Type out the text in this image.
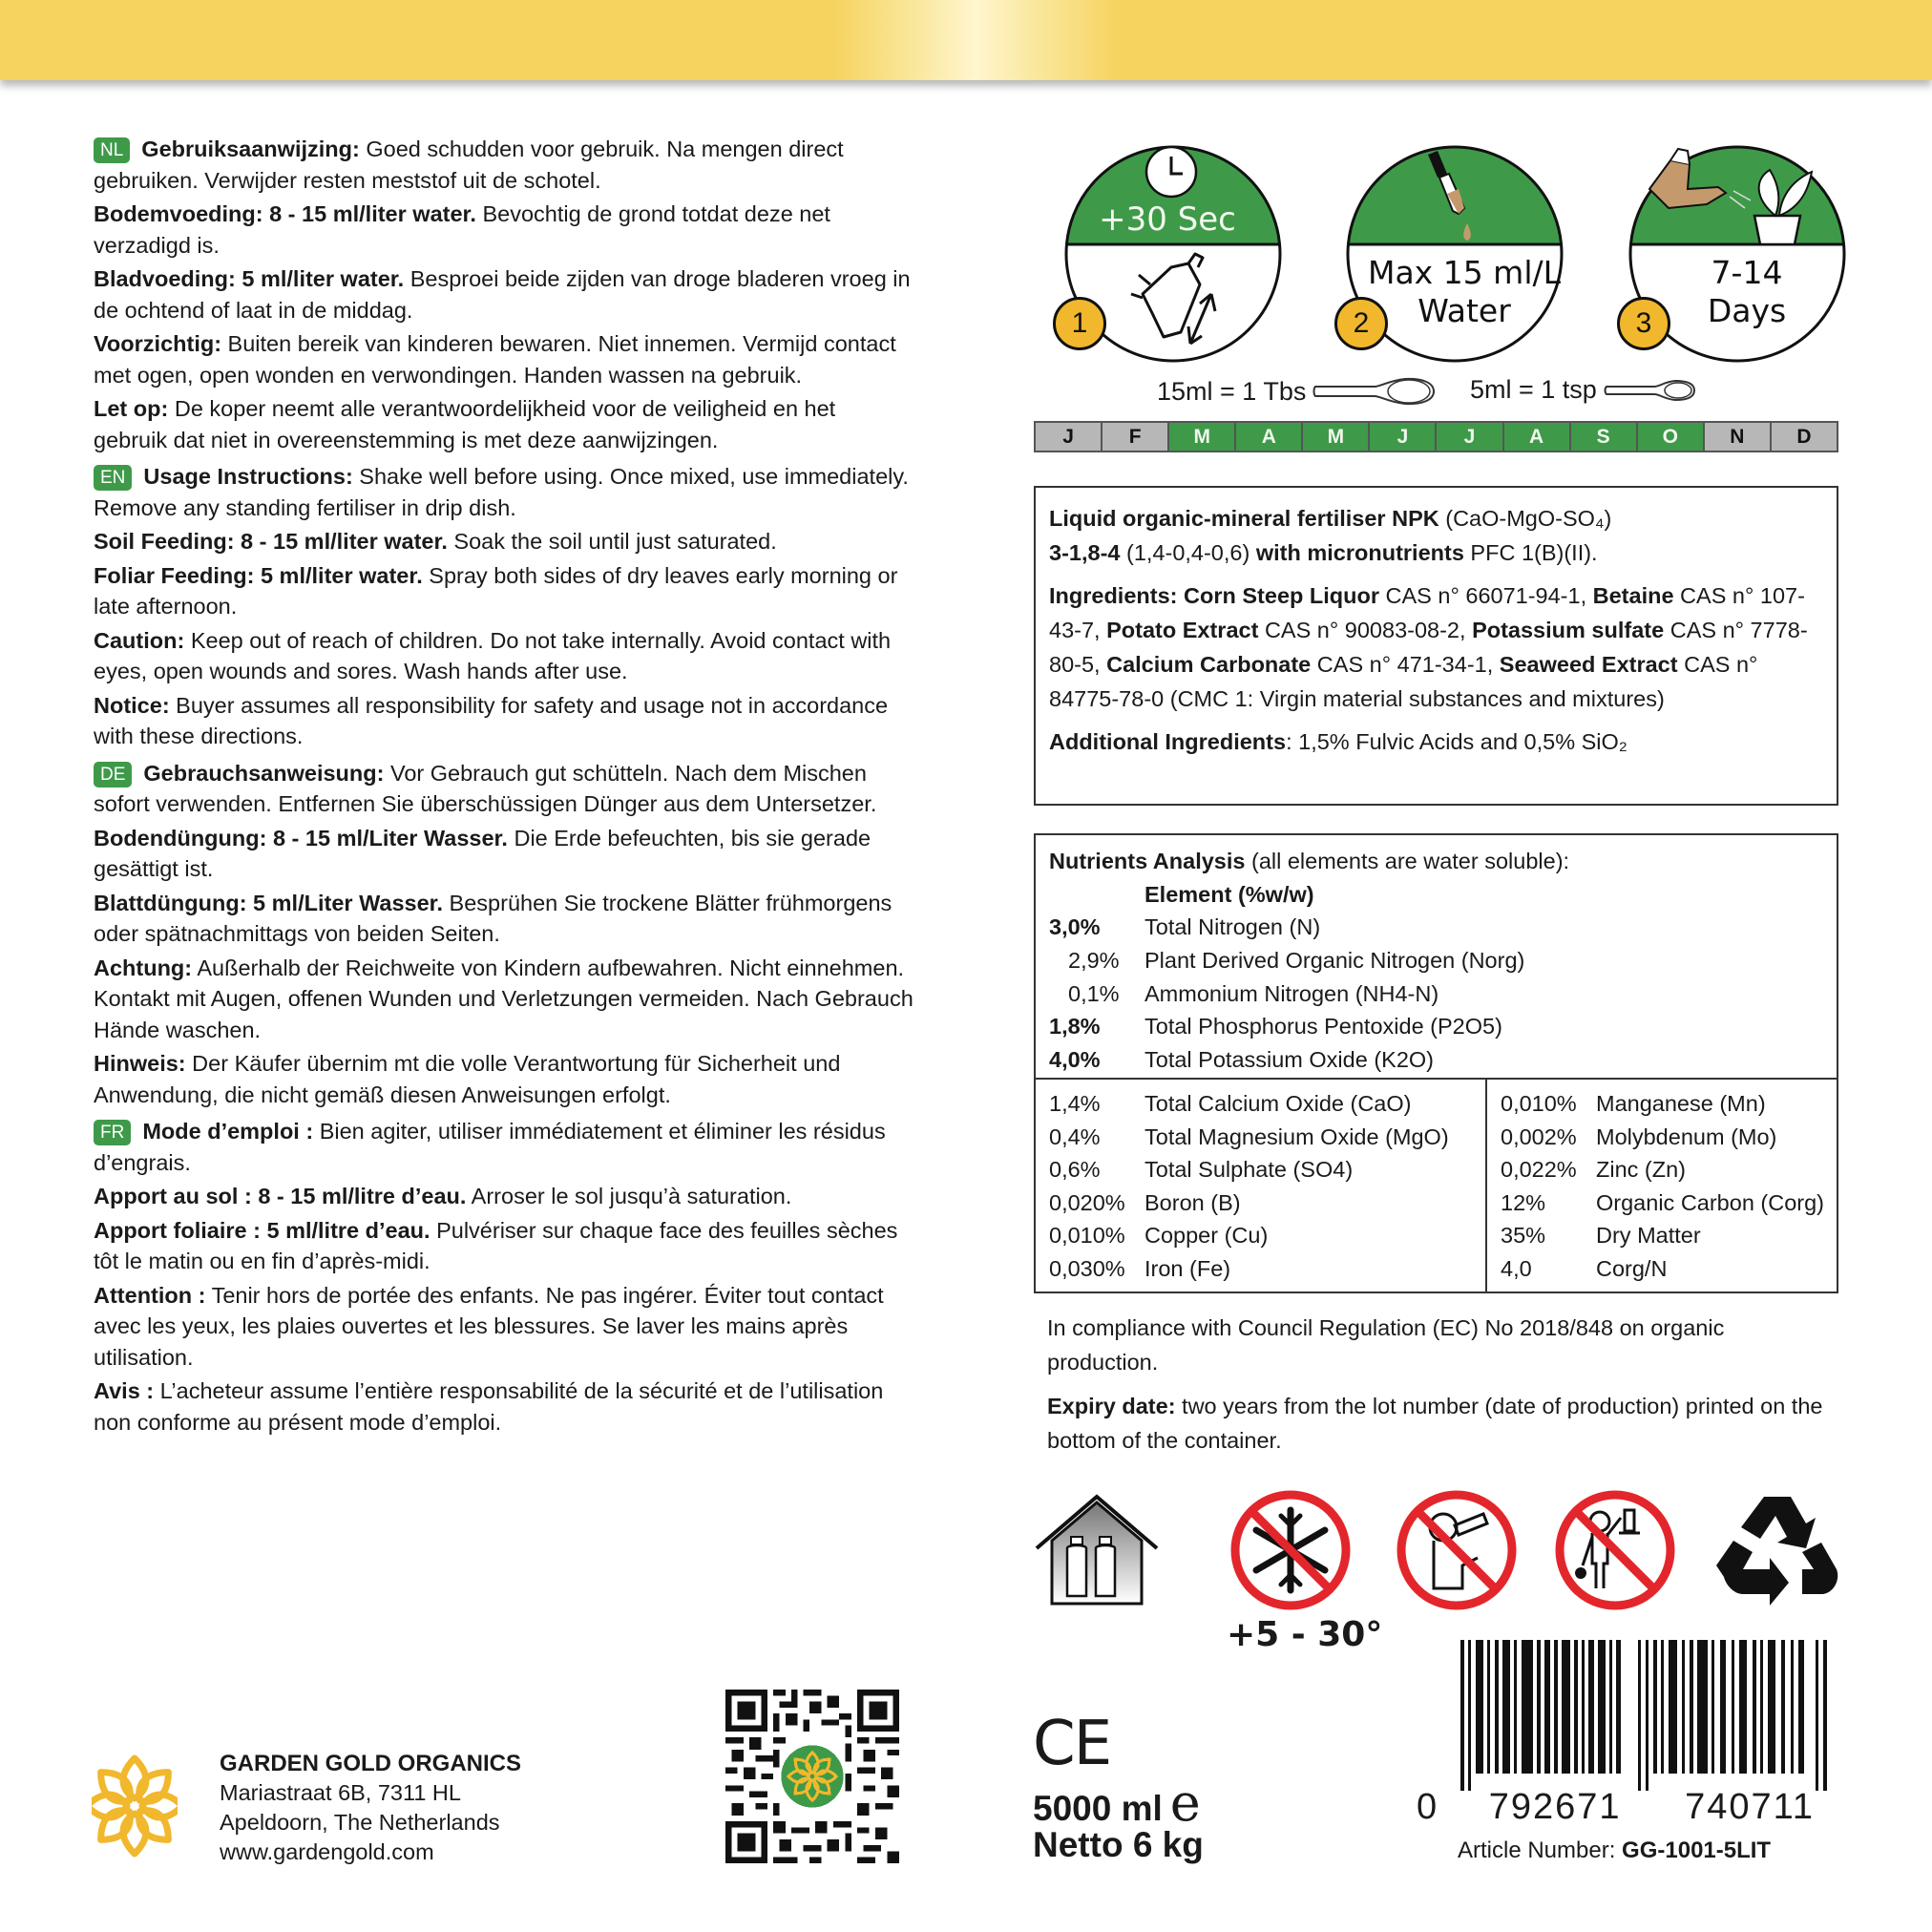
NL Gebruiksaanwijzing: Goed schudden voor gebruik. Na mengen direct gebruiken. Verwijder resten meststof uit de schotel.
Bodemvoeding: 8 - 15 ml/liter water. Bevochtig de grond totdat deze net verzadigd is.
Bladvoeding: 5 ml/liter water. Besproei beide zijden van droge bladeren vroeg in de ochtend of laat in de middag.
Voorzichtig: Buiten bereik van kinderen bewaren. Niet innemen. Vermijd contact met ogen, open wonden en verwondingen. Handen wassen na gebruik.
Let op: De koper neemt alle verantwoordelijkheid voor de veiligheid en het gebruik dat niet in overeenstemming is met deze aanwijzingen.
EN Usage Instructions: Shake well before using. Once mixed, use immediately. Remove any standing fertiliser in drip dish.
Soil Feeding: 8 - 15 ml/liter water. Soak the soil until just saturated.
Foliar Feeding: 5 ml/liter water. Spray both sides of dry leaves early morning or late afternoon.
Caution: Keep out of reach of children. Do not take internally. Avoid contact with eyes, open wounds and sores. Wash hands after use.
Notice: Buyer assumes all responsibility for safety and usage not in accordance with these directions.
DE Gebrauchsanweisung: Vor Gebrauch gut schütteln. Nach dem Mischen sofort verwenden. Entfernen Sie überschüssigen Dünger aus dem Untersetzer.
Bodendüngung: 8 - 15 ml/Liter Wasser. Die Erde befeuchten, bis sie gerade gesättigt ist.
Blattdüngung: 5 ml/Liter Wasser. Besprühen Sie trockene Blätter frühmorgens oder spätnachmittags von beiden Seiten.
Achtung: Außerhalb der Reichweite von Kindern aufbewahren. Nicht einnehmen. Kontakt mit Augen, offenen Wunden und Verletzungen vermeiden. Nach Gebrauch Hände waschen.
Hinweis: Der Käufer übernim mt die volle Verantwortung für Sicherheit und Anwendung, die nicht gemäß diesen Anweisungen erfolgt.
FR Mode d’emploi : Bien agiter, utiliser immédiatement et éliminer les résidus d’engrais.
Apport au sol : 8 - 15 ml/litre d’eau. Arroser le sol jusqu’à saturation.
Apport foliaire : 5 ml/litre d’eau. Pulvériser sur chaque face des feuilles sèches tôt le matin ou en fin d’après-midi.
Attention : Tenir hors de portée des enfants. Ne pas ingérer. Éviter tout contact avec les yeux, les plaies ouvertes et les blessures. Se laver les mains après utilisation.
Avis : L’acheteur assume l’entière responsabilité de la sécurité et de l’utilisation non conforme au présent mode d’emploi.
GARDEN GOLD ORGANICS
Mariastraat 6B, 7311 HL
Apeldoorn, The Netherlands
www.gardengold.com
+30 Sec
1
Max 15 ml/L
Water
2
7-14
Days
3
15ml = 1 Tbs	5ml = 1 tsp
J	F	M	A	M	J	J	A	S	O	N	D

Liquid organic-mineral fertiliser NPK (CaO-MgO-SO₄)
3-1,8-4 (1,4-0,4-0,6) with micronutrients PFC 1(B)(II).

Ingredients: Corn Steep Liquor CAS n° 66071-94-1, Betaine CAS n° 107-43-7, Potato Extract CAS n° 90083-08-2, Potassium sulfate CAS n° 7778-80-5, Calcium Carbonate CAS n° 471-34-1, Seaweed Extract CAS n° 84775-78-0 (CMC 1: Virgin material substances and mixtures)

Additional Ingredients: 1,5% Fulvic Acids and 0,5% SiO₂

Nutrients Analysis (all elements are water soluble):
Element (%w/w)
3,0%	Total Nitrogen (N)
2,9%	Plant Derived Organic Nitrogen (Norg)
0,1%	Ammonium Nitrogen (NH4-N)
1,8%	Total Phosphorus Pentoxide (P2O5)
4,0%	Total Potassium Oxide (K2O)
1,4%	Total Calcium Oxide (CaO)
0,4%	Total Magnesium Oxide (MgO)
0,6%	Total Sulphate (SO4)
0,020% Boron (B)
0,010% Copper (Cu)
0,030% Iron (Fe)
0,010% Manganese (Mn)
0,002% Molybdenum (Mo)
0,022% Zinc (Zn)
12%	Organic Carbon (Corg)
35%	Dry Matter
4,0	Corg/N

In compliance with Council Regulation (EC) No 2018/848 on organic production.

Expiry date: two years from the lot number (date of production) printed on the bottom of the container.

+5 - 30°
CE
5000 ml e
Netto 6 kg
0 792671 740711
Article Number: GG-1001-5LIT
